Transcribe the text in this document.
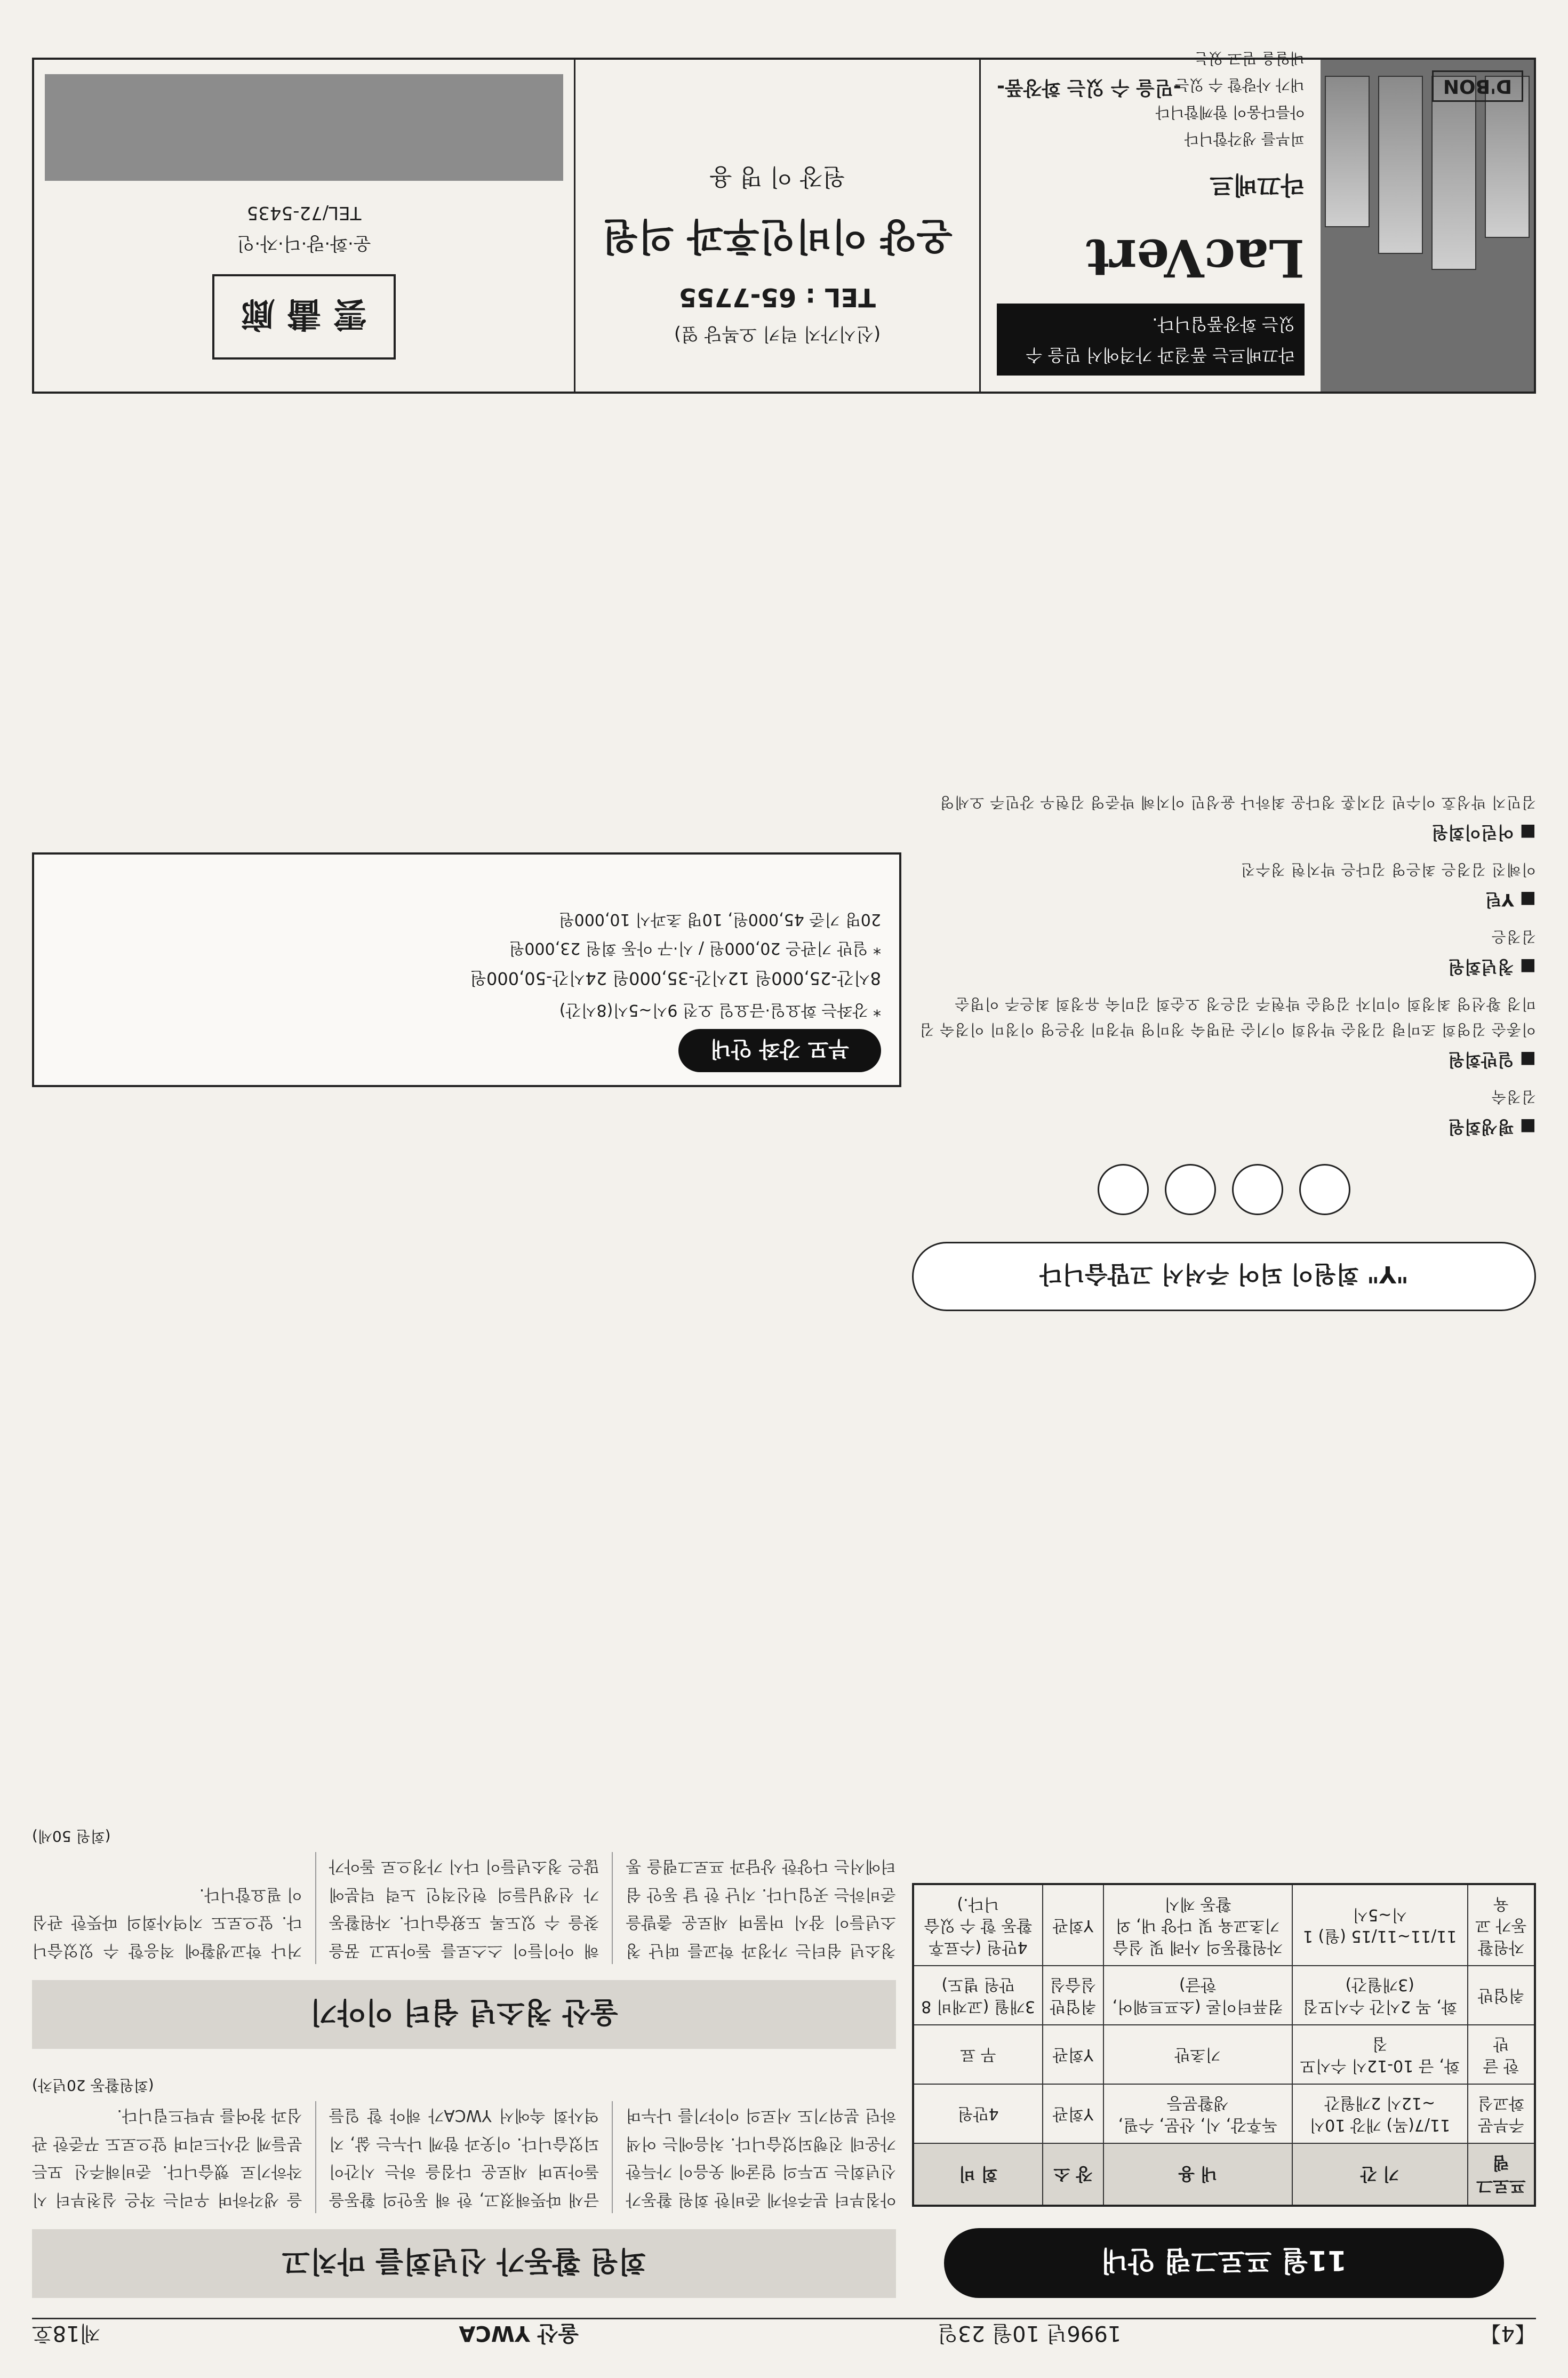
【4】
1996년 10월 23일
울산 YWCA
제18호
11월 프로그램 안내
프로그램	기 간	내 용	장 소	회 비
주부문화교실	11/7(목) 개강 10시~12시 2개월간	독후감, 시, 산문, 수필, 생활문등	Y회관	4만원
한 글 반	화, 금 10-12시 수시모집	기초반	Y회관	무 료
취업반	화, 목 2시간 수시모집 (3개월간)	컴퓨터이론 (소프트웨어, 한글)	취업반 실습실	3개월 (교재비 8만원 별도)
자원활동가 교육	11/11~11/15 (월) 1시~5시	자원활동의 사례 및 실습 기초교육 및 다양 내, 외 활동 제시	Y회관	4만원 (수료후 활동 할 수 있습니다.)
"Y" 회원이 되어 주셔서 고맙습니다
■ 평생회원
김정숙
■ 일반회원
이종순 김영희 조미령 김정순 박성희 이기순 권명숙 정미영 박경미 장은영 이정미 이경숙 김미경 황선영 최정희 이미자 김영순 박현주 김은정 오순희 김미숙 유정희 최은주 이명순
■ 청년회원
김정은
■ Y틴
이혜진 김경은 최은영 김다은 박지현 정수진
■ 어린이회원
김민지 박성호 이수빈 김지훈 정다운 최하나 윤성민 이지혜 박준영 김현우 강민주 오세영
회원 활동가 신년회를 마치고
아침부터 분주하게 준비한 회원 활동가 신년회는 모두의 얼굴에 웃음이 가득한 가운데 진행되었습니다. 처음에는 어색하던 분위기도 서로의 이야기를 나누며 금새 따뜻해졌고, 한 해 동안의 활동을 돌아보며 새로운 다짐을 하는 시간이 되었습니다. 이웃과 함께 나누는 삶, 지역사회 속에서 YWCA가 해야 할 일들을 생각하며 우리는 작은 실천부터 시작하기로 했습니다. 준비해주신 모든 분들께 감사드리며 앞으로도 꾸준한 관심과 참여를 부탁드립니다.
(회원활동 20년차)
울산 청소년 쉼터 이야기
청소년 쉼터는 가정과 학교를 떠난 청소년들이 잠시 머물며 새로운 출발을 준비하는 곳입니다. 지난 한 달 동안 쉼터에서는 다양한 상담과 프로그램을 통해 아이들이 스스로를 돌아보고 꿈을 찾을 수 있도록 도왔습니다. 자원활동가 선생님들의 헌신적인 노력 덕분에 많은 청소년들이 다시 가정으로 돌아가거나 학교생활에 적응할 수 있었습니다. 앞으로도 지역사회의 따뜻한 관심이 필요합니다.
(회원 50세)
부모 강좌 안내
* 강좌는 화요일·금요일 오전 9시~5시(8시간)
8시간-25,000원 12시간-35,000원 24시간-50,000원
* 일반 기관은 20,000원 / 시·구 아동 회원 23,000원
20명 기준 45,000원, 10명 초과시 10,000원
라끄베르는 품질과 가격에서 믿을 수 있는 화장품입니다.
LacVert
라끄베르
피부를 생각합니다
아름다움이 함께합니다
내가 사랑할 수 있는
내일을 믿고 있는
D'BON
-믿을 수 있는 화장품-
(신시가지 럭키 오복당 옆)
TEL : 65-7755
온양 이비인후과 의원
원장 이 명 용
雲 畵 廊
운·화·랑·디·자·인
TEL/72-5435
